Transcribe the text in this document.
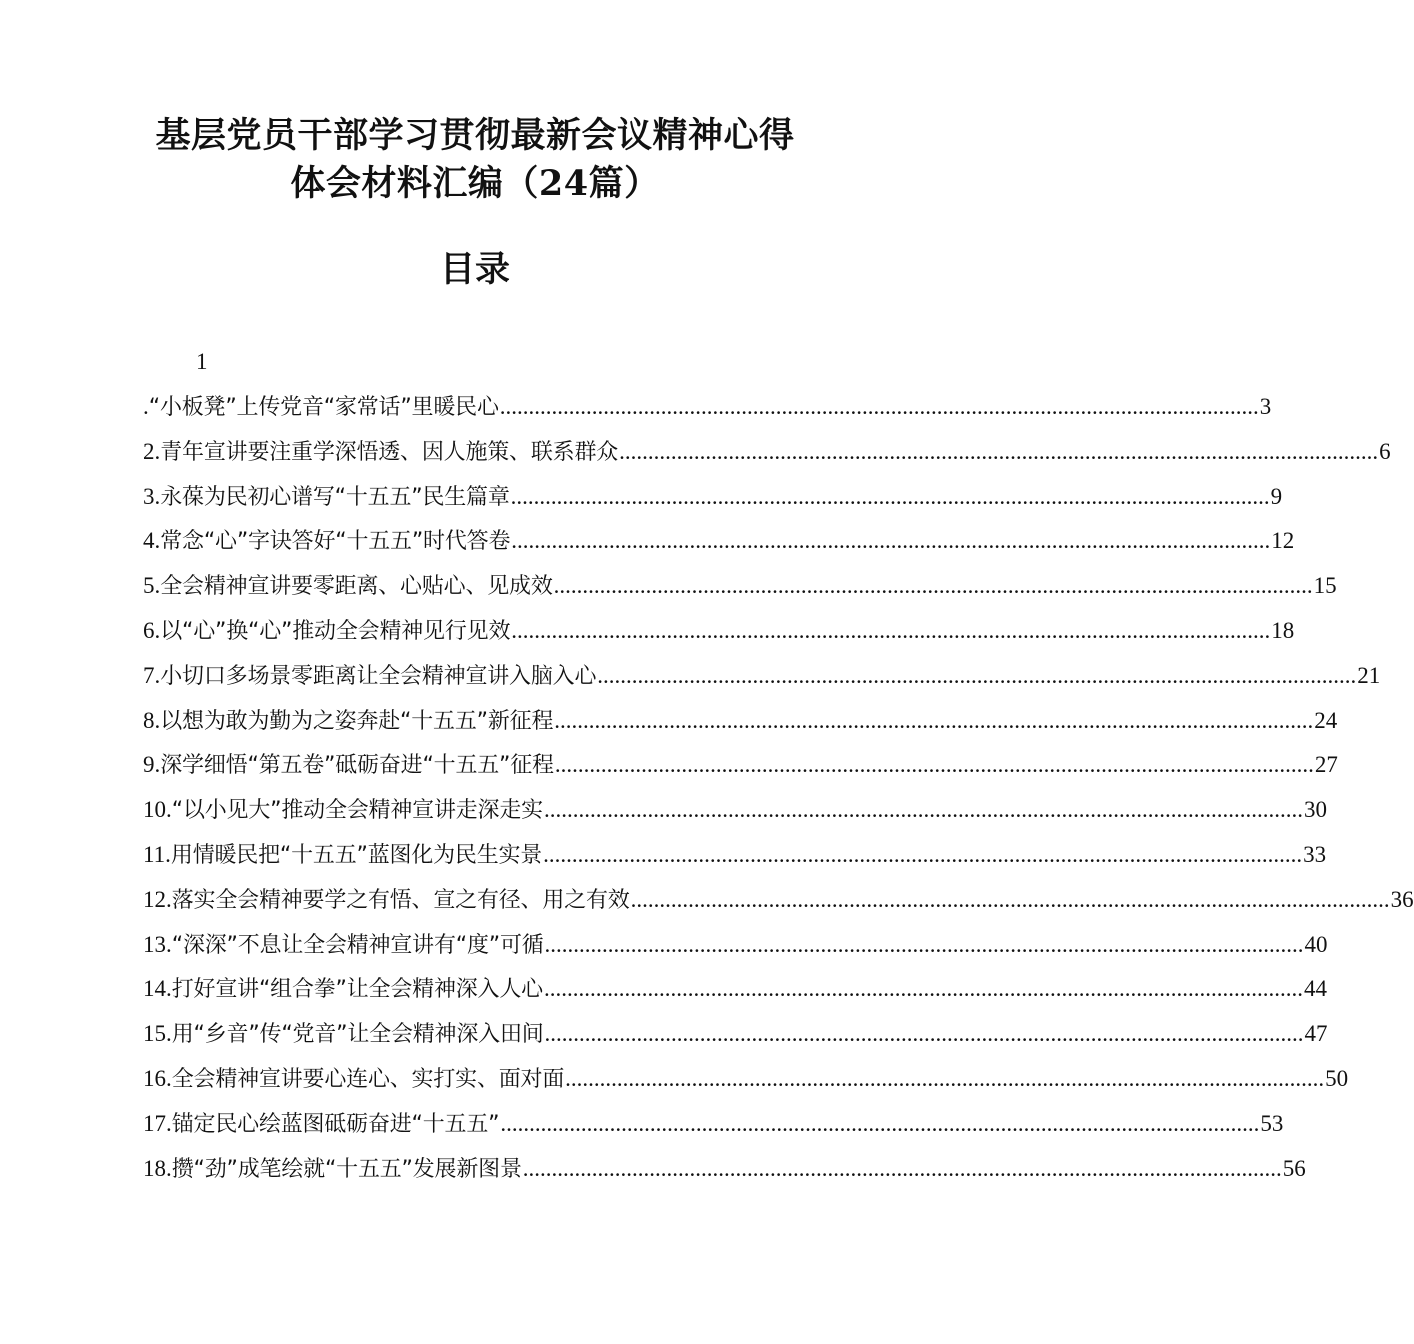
基层党员干部学习贯彻最新会议精神心得
体会材料汇编（24篇）
目录
1
. “小板凳”上传党音“家常话”里暖民心 .....	3
2. 青年宣讲要注重学深悟透、因人施策、联系群众 .....	6
3. 永葆为民初心谱写“十五五”民生篇章 .....	9
4. 常念“心”字诀答好“十五五”时代答卷 .....	12
5. 全会精神宣讲要零距离、心贴心、见成效 .....	15
6. 以“心”换“心”推动全会精神见行见效 .....	18
7. 小切口多场景零距离让全会精神宣讲入脑入心 .....	21
8. 以想为敢为勤为之姿奔赴“十五五”新征程 .....	24
9. 深学细悟“第五卷”砥砺奋进“十五五”征程 .....	27
10. “以小见大”推动全会精神宣讲走深走实 .....	30
11. 用情暖民把“十五五”蓝图化为民生实景 .....	33
12. 落实全会精神要学之有悟、宣之有径、用之有效 .....	36
13. “深深”不息让全会精神宣讲有“度”可循 .....	40
14. 打好宣讲“组合拳”让全会精神深入人心 .....	44
15. 用“乡音”传“党音”让全会精神深入田间 .....	47
16. 全会精神宣讲要心连心、实打实、面对面 .....	50
17. 锚定民心绘蓝图砥砺奋进“十五五” .....	53
18. 攒“劲”成笔绘就“十五五”发展新图景 .....	56
